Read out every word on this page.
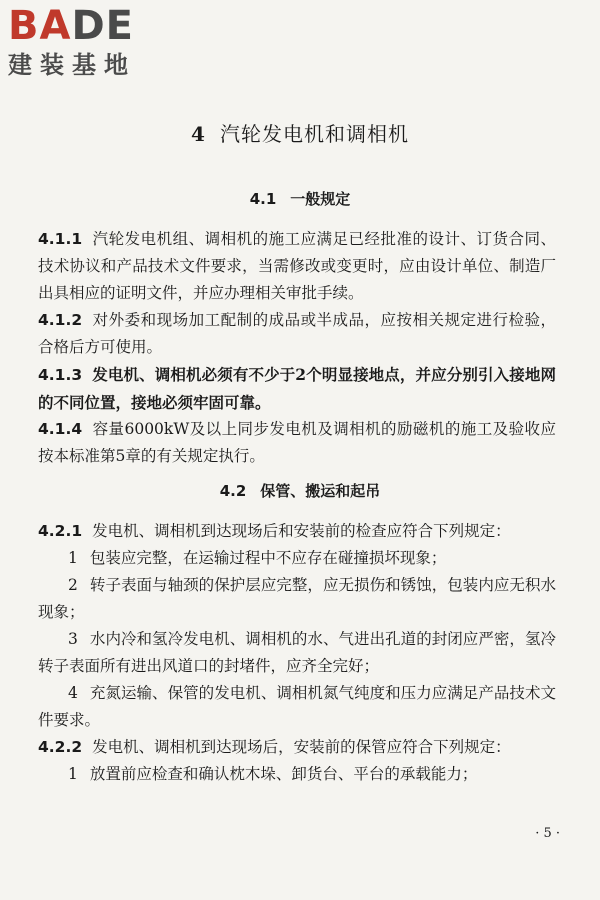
BADE
建装基地
4 汽轮发电机和调相机
4.1 一般规定

4.1.1 汽轮发电机组、调相机的施工应满足已经批准的设计、订货合同、技术协议和产品技术文件要求，当需修改或变更时，应由设计单位、制造厂出具相应的证明文件，并应办理相关审批手续。

4.1.2 对外委和现场加工配制的成品或半成品，应按相关规定进行检验，合格后方可使用。

4.1.3 发电机、调相机必须有不少于2个明显接地点，并应分别引入接地网的不同位置，接地必须牢固可靠。

4.1.4 容量6000kW及以上同步发电机及调相机的励磁机的施工及验收应按本标准第5章的有关规定执行。

4.2 保管、搬运和起吊

4.2.1 发电机、调相机到达现场后和安装前的检查应符合下列规定：

1 包装应完整，在运输过程中不应存在碰撞损坏现象；

2 转子表面与轴颈的保护层应完整，应无损伤和锈蚀，包装内应无积水现象；

3 水内冷和氢冷发电机、调相机的水、气进出孔道的封闭应严密，氢冷转子表面所有进出风道口的封堵件，应齐全完好；

4 充氮运输、保管的发电机、调相机氮气纯度和压力应满足产品技术文件要求。

4.2.2 发电机、调相机到达现场后，安装前的保管应符合下列规定：

1 放置前应检查和确认枕木垛、卸货台、平台的承载能力；

· 5 ·
